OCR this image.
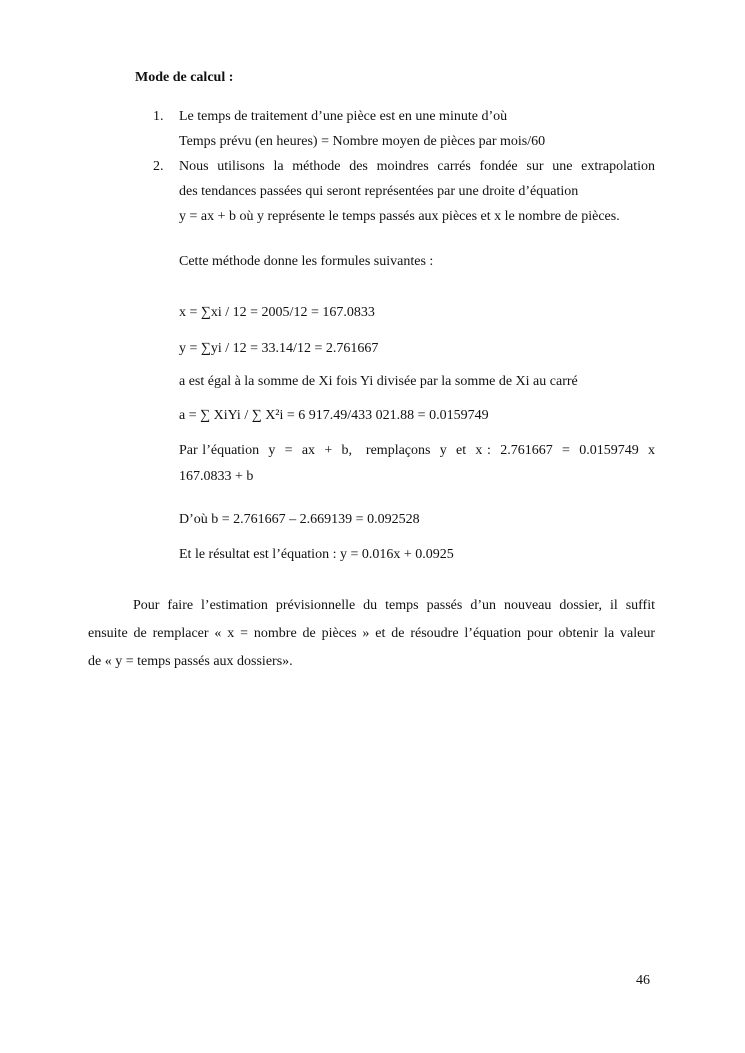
Mode de calcul :
1. Le temps de traitement d’une pièce est en une minute d’où
Temps prévu (en heures) = Nombre moyen de pièces par mois/60
2. Nous utilisons la méthode des moindres carrés fondée sur une extrapolation
des tendances passées qui seront représentées par une droite d’équation
y = ax + b où y représente le temps passés aux pièces et x le nombre de pièces.
Cette méthode donne les formules suivantes :
x = ∑xi / 12 = 2005/12 = 167.0833
y = ∑yi / 12 = 33.14/12 = 2.761667
a est égal à la somme de Xi fois Yi divisée par la somme de Xi au carré
a = ∑ XiYi / ∑ X²i = 6 917.49/433 021.88 = 0.0159749
Par l’équation  y  =  ax  +  b,   remplaçons  y  et  x :  2.761667  =  0.0159749  x
167.0833 + b
D’où b = 2.761667 – 2.669139 = 0.092528
Et le résultat est l’équation : y = 0.016x + 0.0925
Pour faire l’estimation prévisionnelle du temps passés d’un nouveau dossier, il suffit
ensuite de remplacer « x = nombre de pièces » et de résoudre l’équation pour obtenir la valeur
de « y = temps passés aux dossiers».
46
